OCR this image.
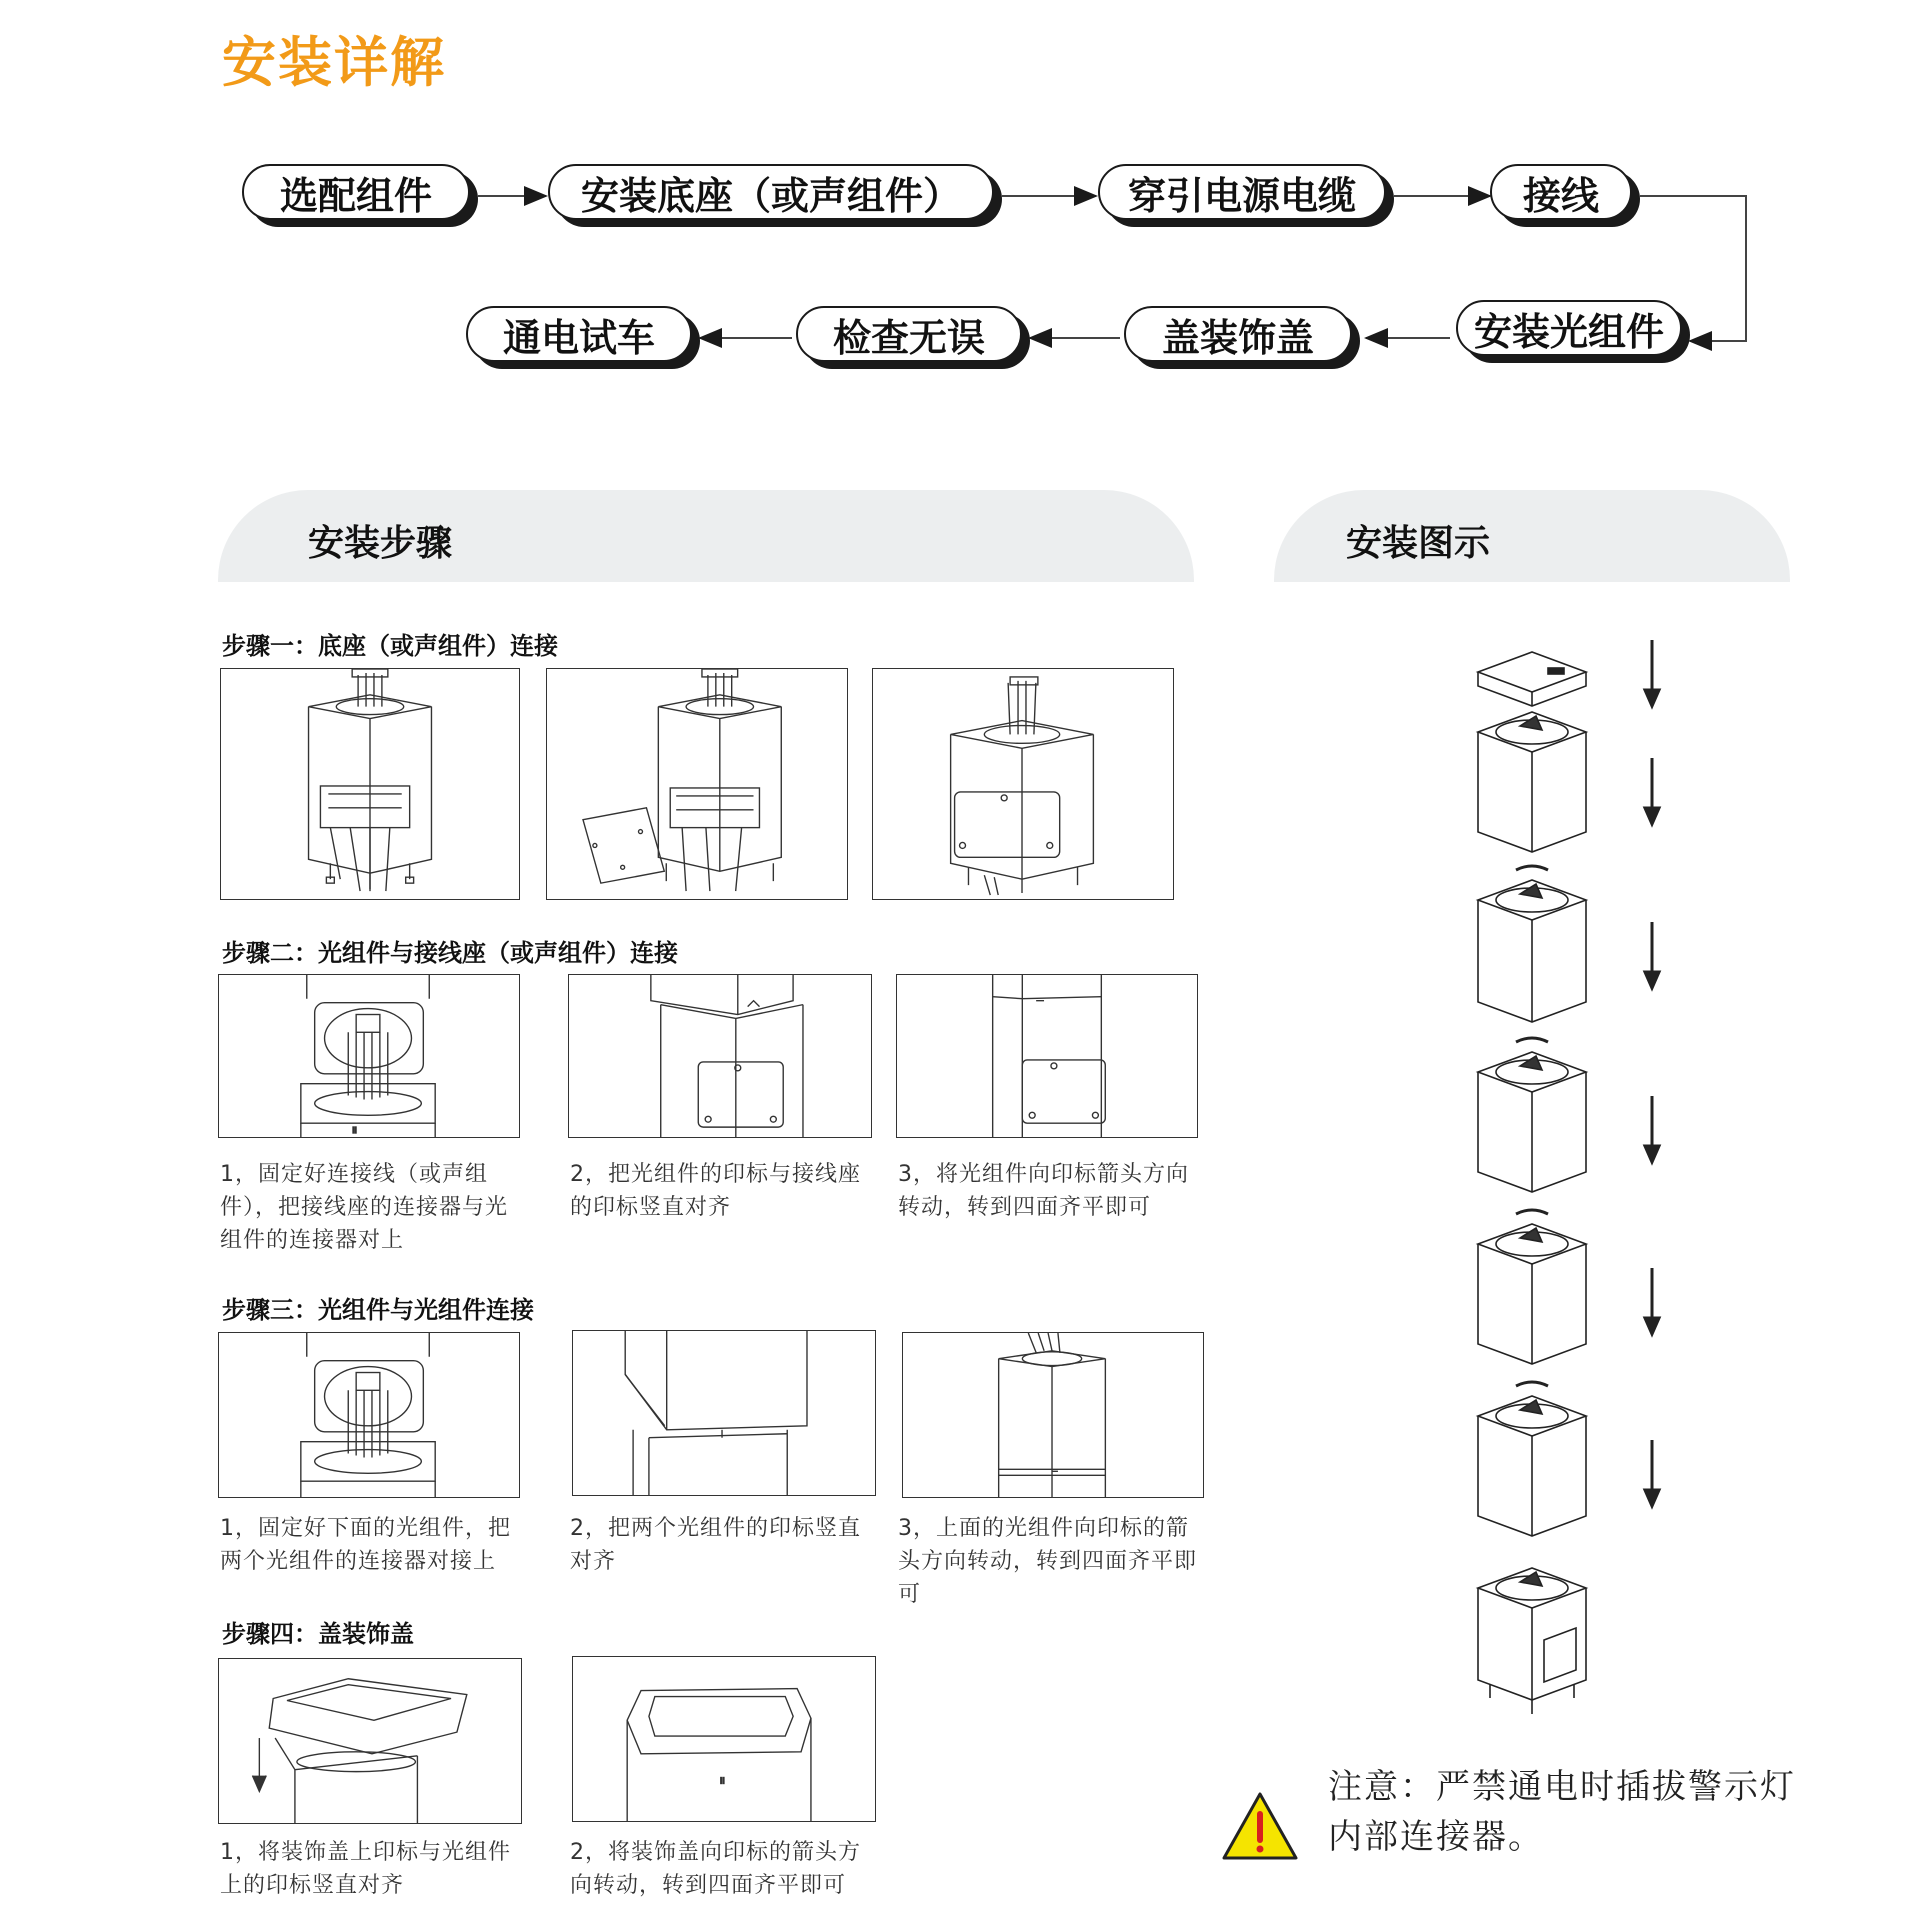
安装详解
选配组件	安装底座（或声组件）	穿引电源电缆	接线
安装光组件
盖装饰盖
检查无误
通电试车
安装步骤	安装图示
步骤一：底座（或声组件）连接
步骤二：光组件与接线座（或声组件）连接
II
1，固定好连接线（或声组件），把接线座的连接器与光组件的连接器对上
2，把光组件的印标与接线座的印标竖直对齐
3，将光组件向印标箭头方向转动，转到四面齐平即可
步骤三：光组件与光组件连接
1，固定好下面的光组件，把两个光组件的连接器对接上
2，把两个光组件的印标竖直对齐
3，上面的光组件向印标的箭头方向转动，转到四面齐平即可
步骤四：盖装饰盖
II
1，将装饰盖上印标与光组件上的印标竖直对齐
2，将装饰盖向印标的箭头方向转动，转到四面齐平即可
注意：严禁通电时插拔警示灯内部连接器。
